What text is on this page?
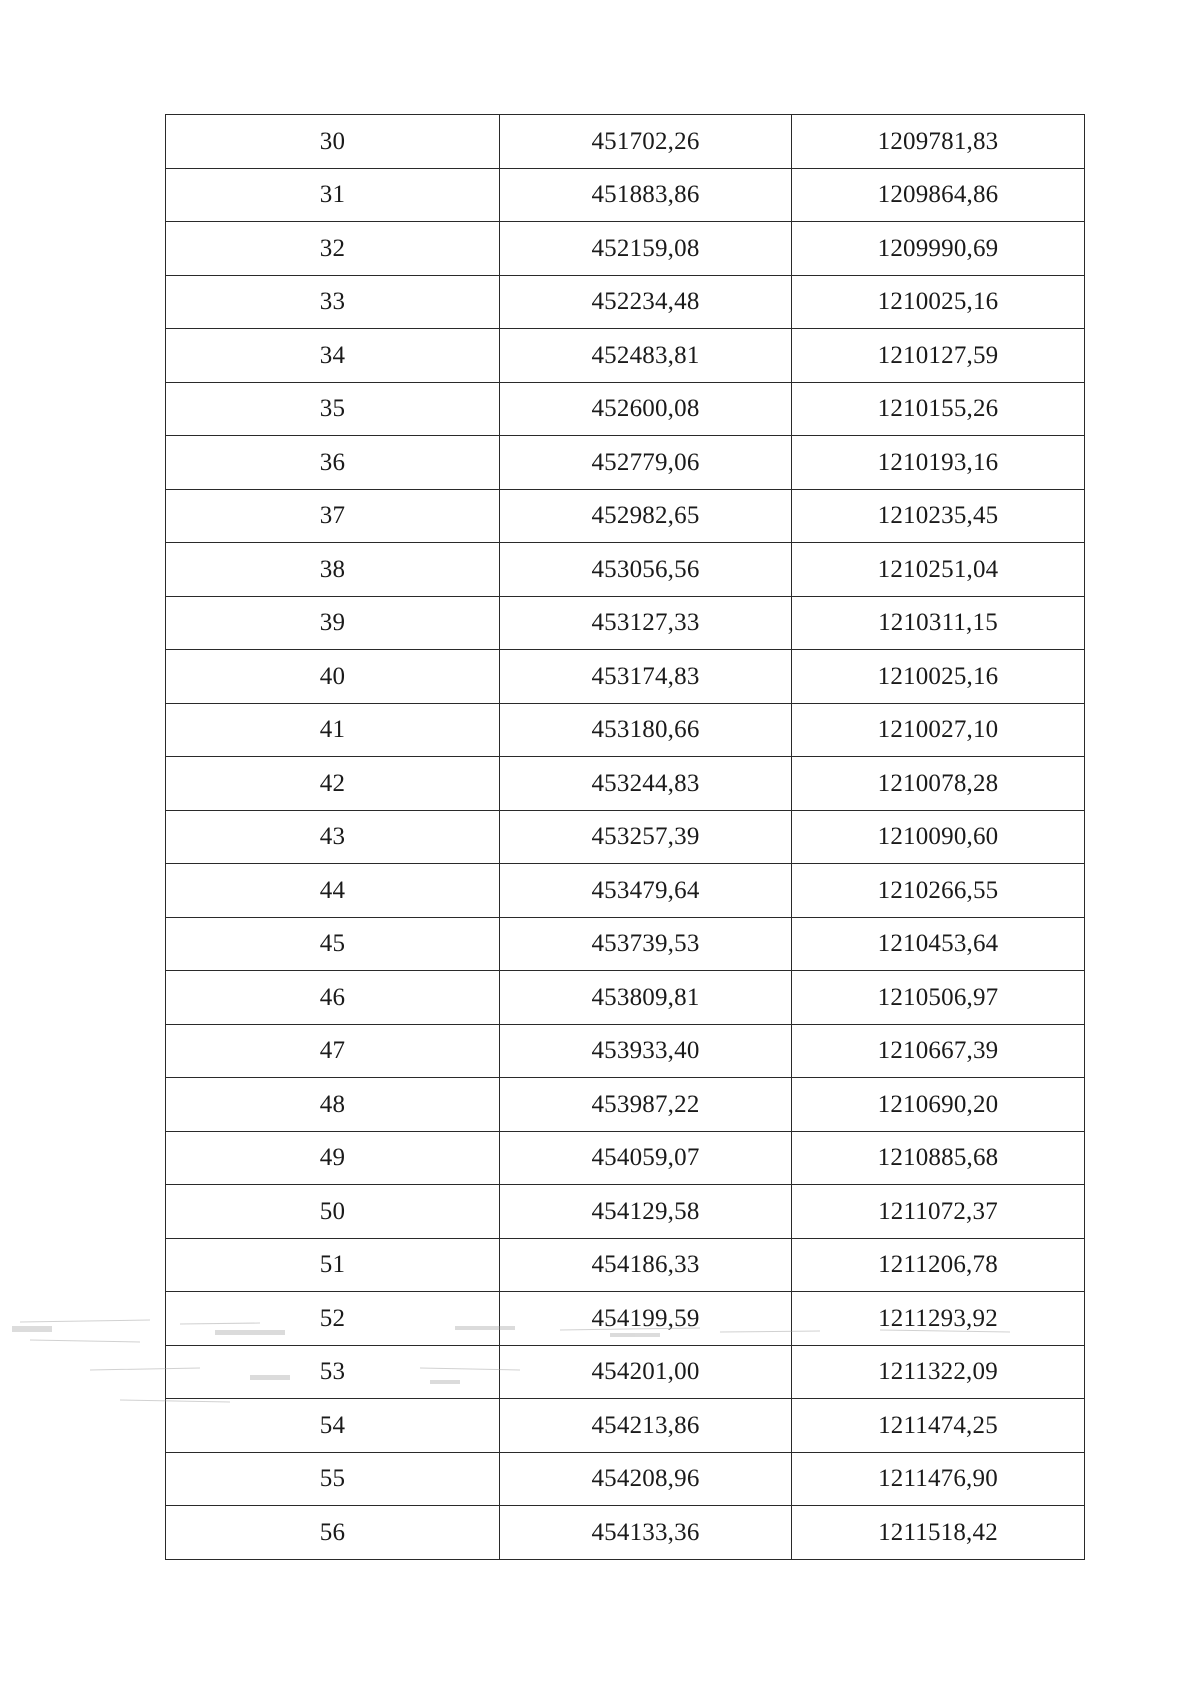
30	451702,26	1209781,83
31	451883,86	1209864,86
32	452159,08	1209990,69
33	452234,48	1210025,16
34	452483,81	1210127,59
35	452600,08	1210155,26
36	452779,06	1210193,16
37	452982,65	1210235,45
38	453056,56	1210251,04
39	453127,33	1210311,15
40	453174,83	1210025,16
41	453180,66	1210027,10
42	453244,83	1210078,28
43	453257,39	1210090,60
44	453479,64	1210266,55
45	453739,53	1210453,64
46	453809,81	1210506,97
47	453933,40	1210667,39
48	453987,22	1210690,20
49	454059,07	1210885,68
50	454129,58	1211072,37
51	454186,33	1211206,78
52	454199,59	1211293,92
53	454201,00	1211322,09
54	454213,86	1211474,25
55	454208,96	1211476,90
56	454133,36	1211518,42
